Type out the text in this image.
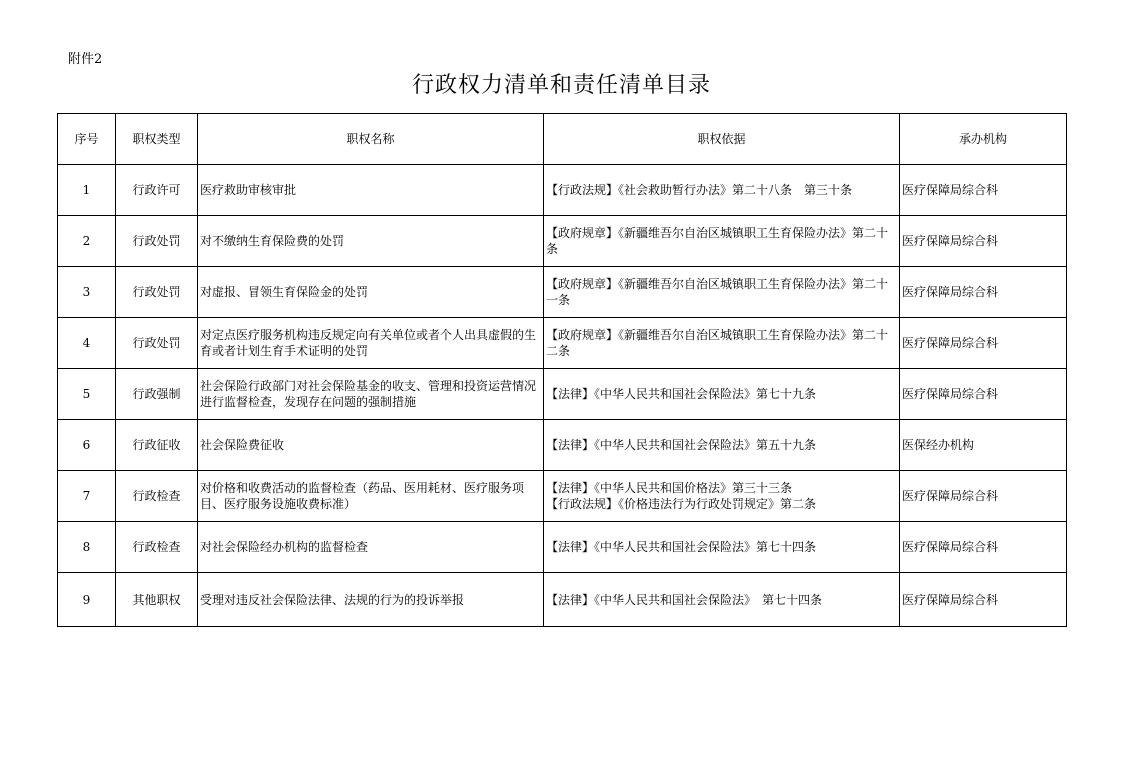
附件2
行政权力清单和责任清单目录
序号	职权类型	职权名称	职权依据	承办机构
1	行政许可	医疗救助审核审批	【行政法规】《社会救助暂行办法》第二十八条　第三十条	医疗保障局综合科
2	行政处罚	对不缴纳生育保险费的处罚	【政府规章】《新疆维吾尔自治区城镇职工生育保险办法》第二十条	医疗保障局综合科
3	行政处罚	对虚报、冒领生育保险金的处罚	【政府规章】《新疆维吾尔自治区城镇职工生育保险办法》第二十一条	医疗保障局综合科
4	行政处罚	对定点医疗服务机构违反规定向有关单位或者个人出具虚假的生育或者计划生育手术证明的处罚	【政府规章】《新疆维吾尔自治区城镇职工生育保险办法》第二十二条	医疗保障局综合科
5	行政强制	社会保险行政部门对社会保险基金的收支、管理和投资运营情况进行监督检查，发现存在问题的强制措施	【法律】《中华人民共和国社会保险法》第七十九条	医疗保障局综合科
6	行政征收	社会保险费征收	【法律】《中华人民共和国社会保险法》第五十九条	医保经办机构
7	行政检查	对价格和收费活动的监督检查（药品、医用耗材、医疗服务项目、医疗服务设施收费标准）	【法律】《中华人民共和国价格法》第三十三条
【行政法规】《价格违法行为行政处罚规定》第二条	医疗保障局综合科
8	行政检查	对社会保险经办机构的监督检查	【法律】《中华人民共和国社会保险法》第七十四条	医疗保障局综合科
9	其他职权	受理对违反社会保险法律、法规的行为的投诉举报	【法律】《中华人民共和国社会保险法》　第七十四条	医疗保障局综合科
